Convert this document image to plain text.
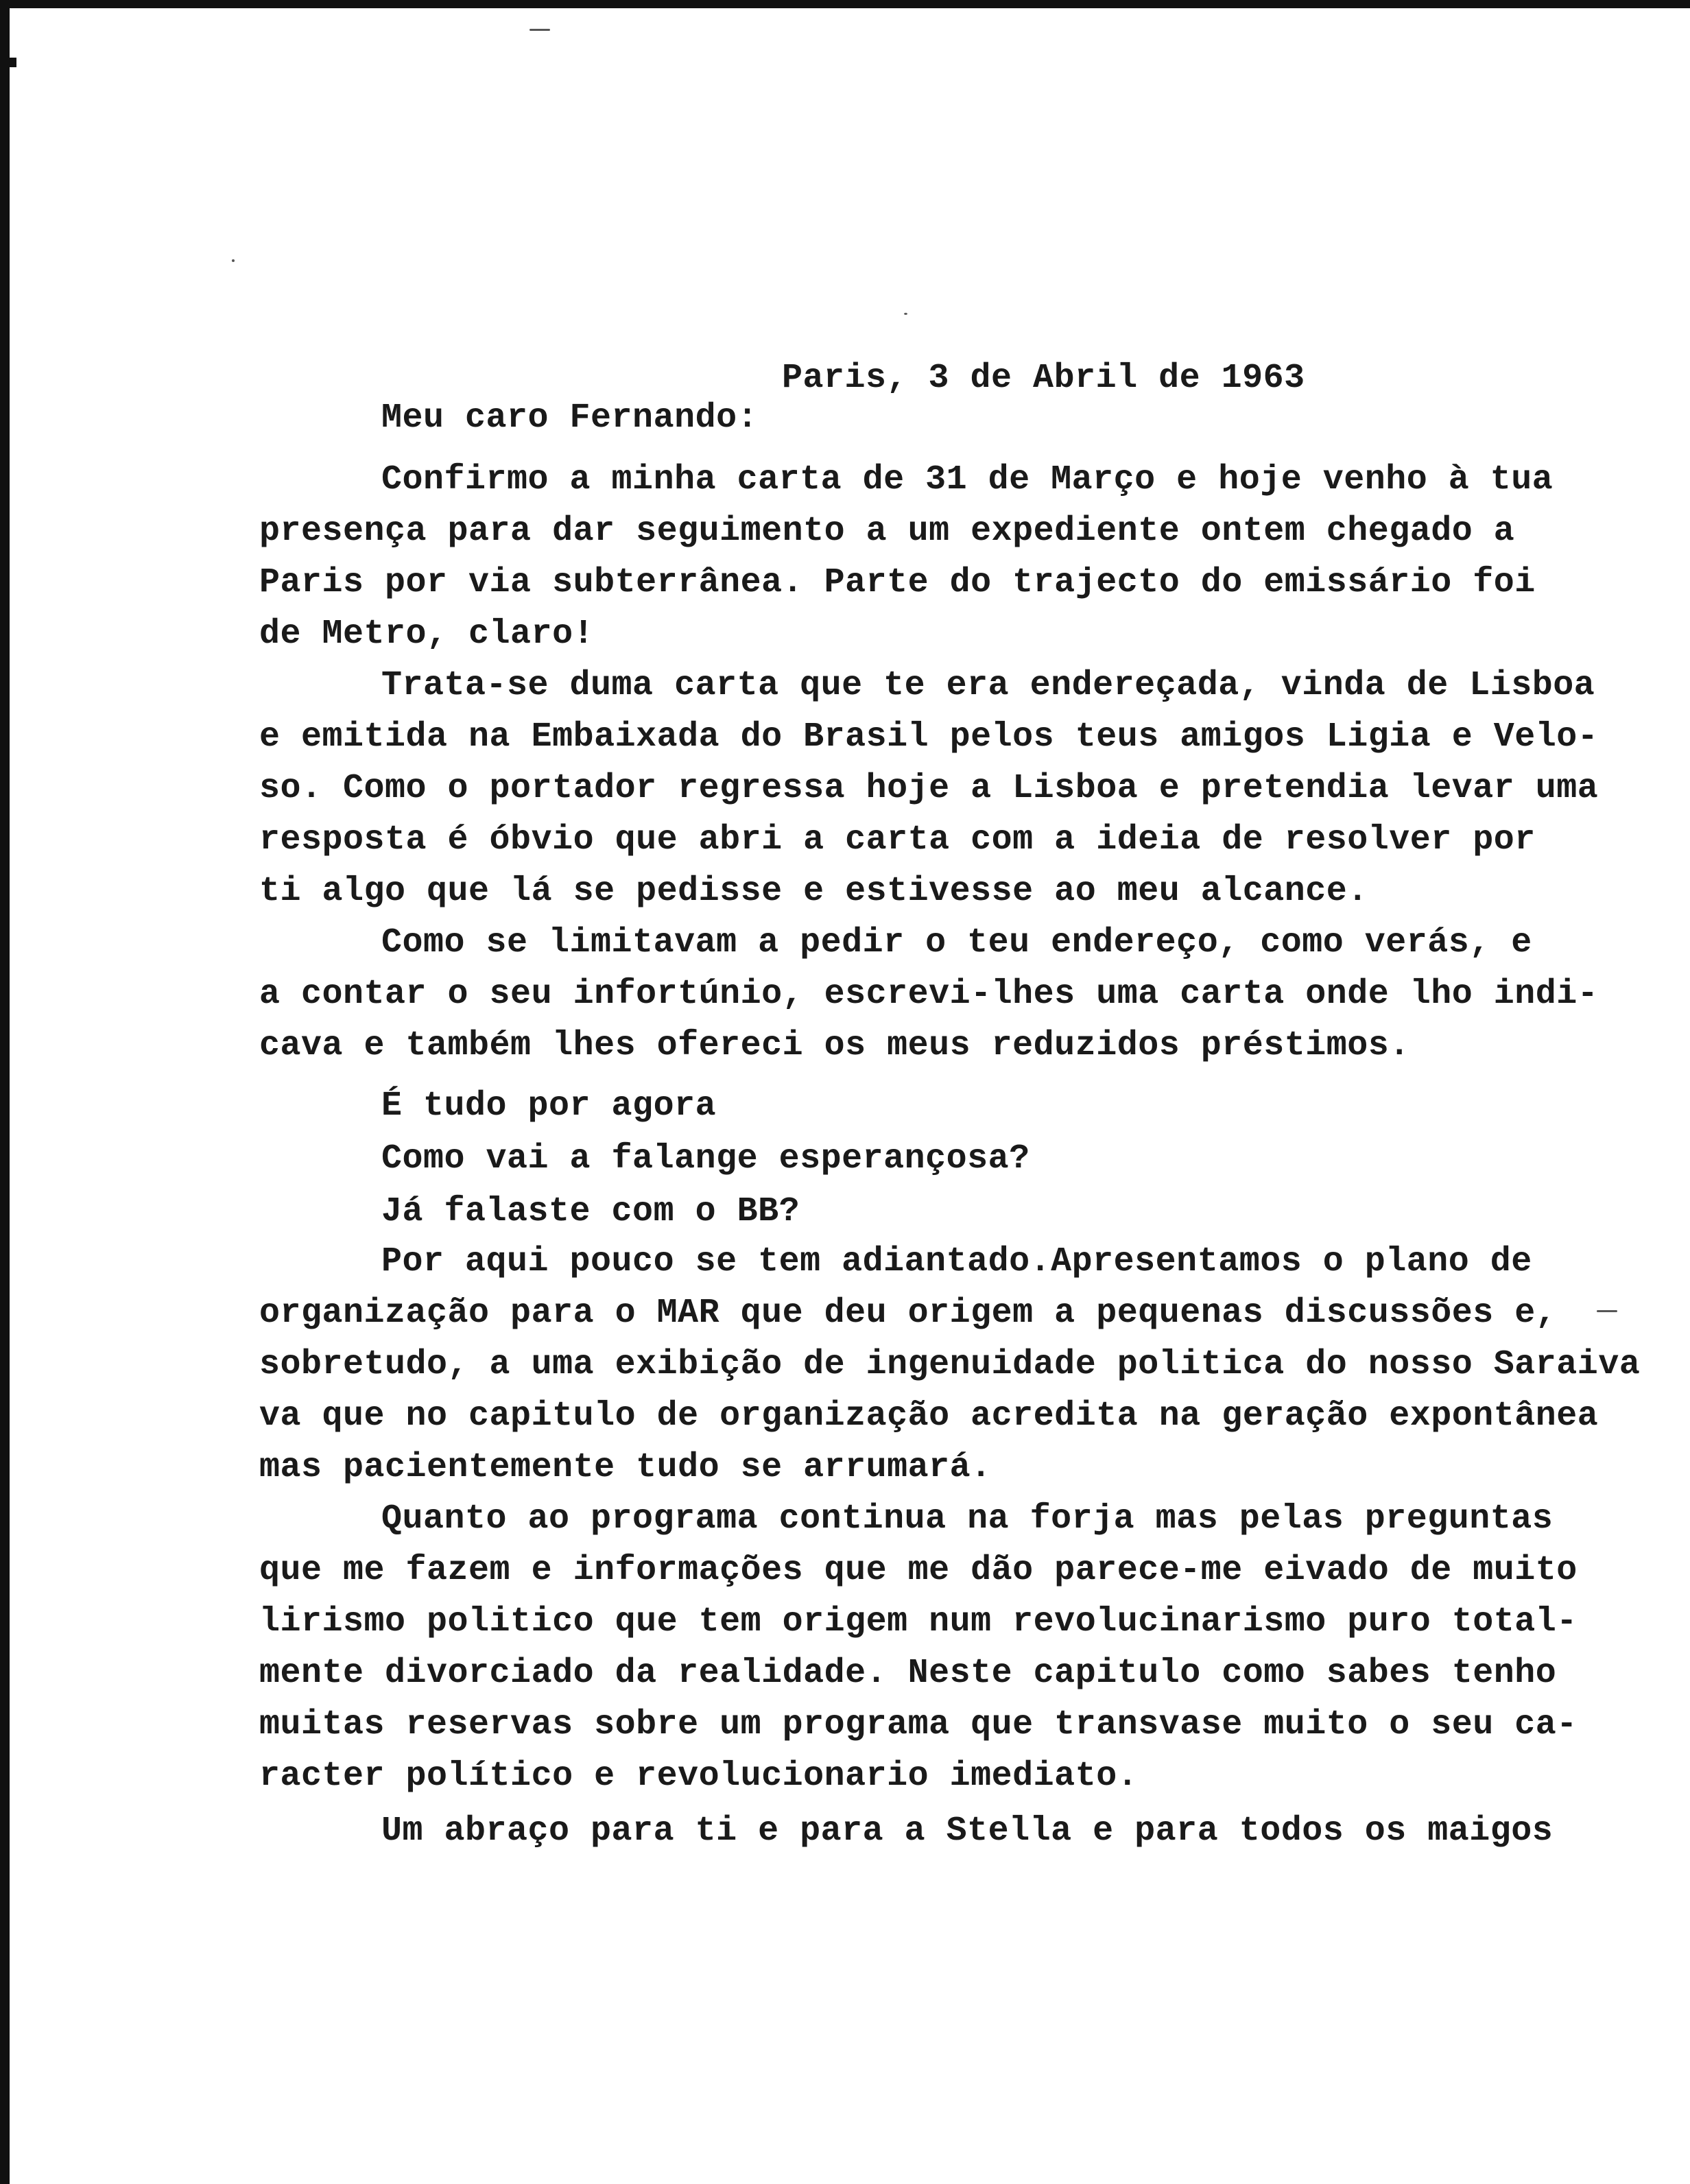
Paris, 3 de Abril de 1963
Meu caro Fernando:
Confirmo a minha carta de 31 de Março e hoje venho à tua
presença para dar seguimento a um expediente ontem chegado a
Paris por via subterrânea. Parte do trajecto do emissário foi
de Metro, claro!
Trata-se duma carta que te era endereçada, vinda de Lisboa
e emitida na Embaixada do Brasil pelos teus amigos Ligia e Velo-
so. Como o portador regressa hoje a Lisboa e pretendia levar uma
resposta é óbvio que abri a carta com a ideia de resolver por
ti algo que lá se pedisse e estivesse ao meu alcance.
Como se limitavam a pedir o teu endereço, como verás, e
a contar o seu infortúnio, escrevi-lhes uma carta onde lho indi-
cava e também lhes ofereci os meus reduzidos préstimos.
É tudo por agora
Como vai a falange esperançosa?
Já falaste com o BB?
Por aqui pouco se tem adiantado.Apresentamos o plano de
organização para o MAR que deu origem a pequenas discussões e,
sobretudo, a uma exibição de ingenuidade politica do nosso Saraiva
va que no capitulo de organização acredita na geração expontânea
mas pacientemente tudo se arrumará.
Quanto ao programa continua na forja mas pelas preguntas
que me fazem e informações que me dão parece-me eivado de muito
lirismo politico que tem origem num revolucinarismo puro total-
mente divorciado da realidade. Neste capitulo como sabes tenho
muitas reservas sobre um programa que transvase muito o seu ca-
racter político e revolucionario imediato.
Um abraço para ti e para a Stella e para todos os maigos
